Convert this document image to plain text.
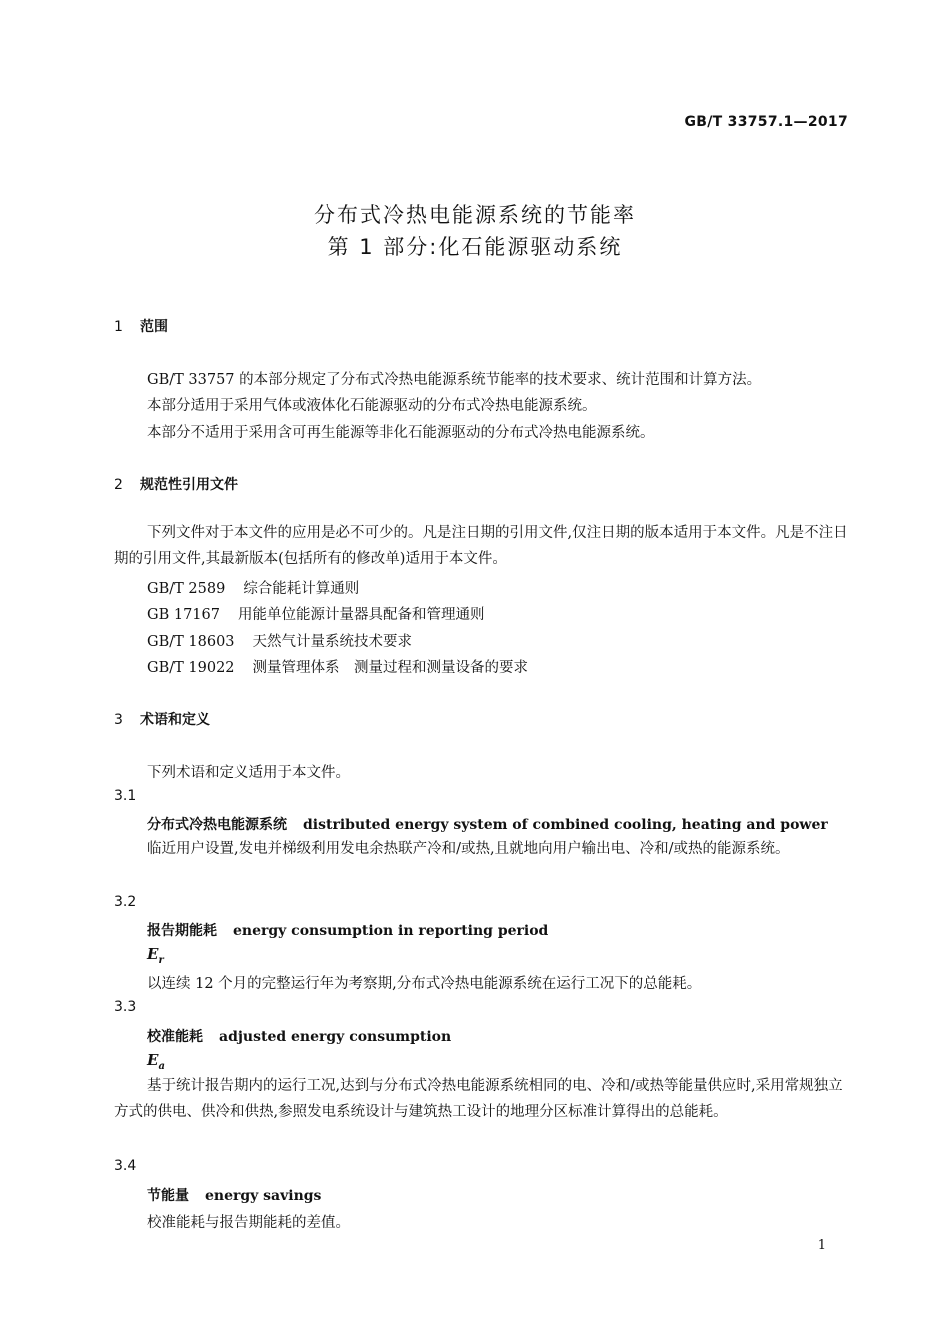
GB/T 33757.1—2017
分布式冷热电能源系统的节能率
第 1 部分:化石能源驱动系统
1 范围
GB/T 33757 的本部分规定了分布式冷热电能源系统节能率的技术要求、统计范围和计算方法。
本部分适用于采用气体或液体化石能源驱动的分布式冷热电能源系统。
本部分不适用于采用含可再生能源等非化石能源驱动的分布式冷热电能源系统。
2 规范性引用文件
下列文件对于本文件的应用是必不可少的。凡是注日期的引用文件,仅注日期的版本适用于本文件。凡是不注日期的引用文件,其最新版本(包括所有的修改单)适用于本文件。
GB/T 2589 综合能耗计算通则
GB 17167 用能单位能源计量器具配备和管理通则
GB/T 18603 天然气计量系统技术要求
GB/T 19022 测量管理体系　测量过程和测量设备的要求
3 术语和定义
下列术语和定义适用于本文件。
3.1
分布式冷热电能源系统 distributed energy system of combined cooling, heating and power
临近用户设置,发电并梯级利用发电余热联产冷和/或热,且就地向用户输出电、冷和/或热的能源系统。
3.2
报告期能耗 energy consumption in reporting period
$E_r$
以连续 12 个月的完整运行年为考察期,分布式冷热电能源系统在运行工况下的总能耗。
3.3
校准能耗 adjusted energy consumption
$E_a$
基于统计报告期内的运行工况,达到与分布式冷热电能源系统相同的电、冷和/或热等能量供应时,采用常规独立方式的供电、供冷和供热,参照发电系统设计与建筑热工设计的地理分区标准计算得出的总能耗。
3.4
节能量 energy savings
校准能耗与报告期能耗的差值。
1
